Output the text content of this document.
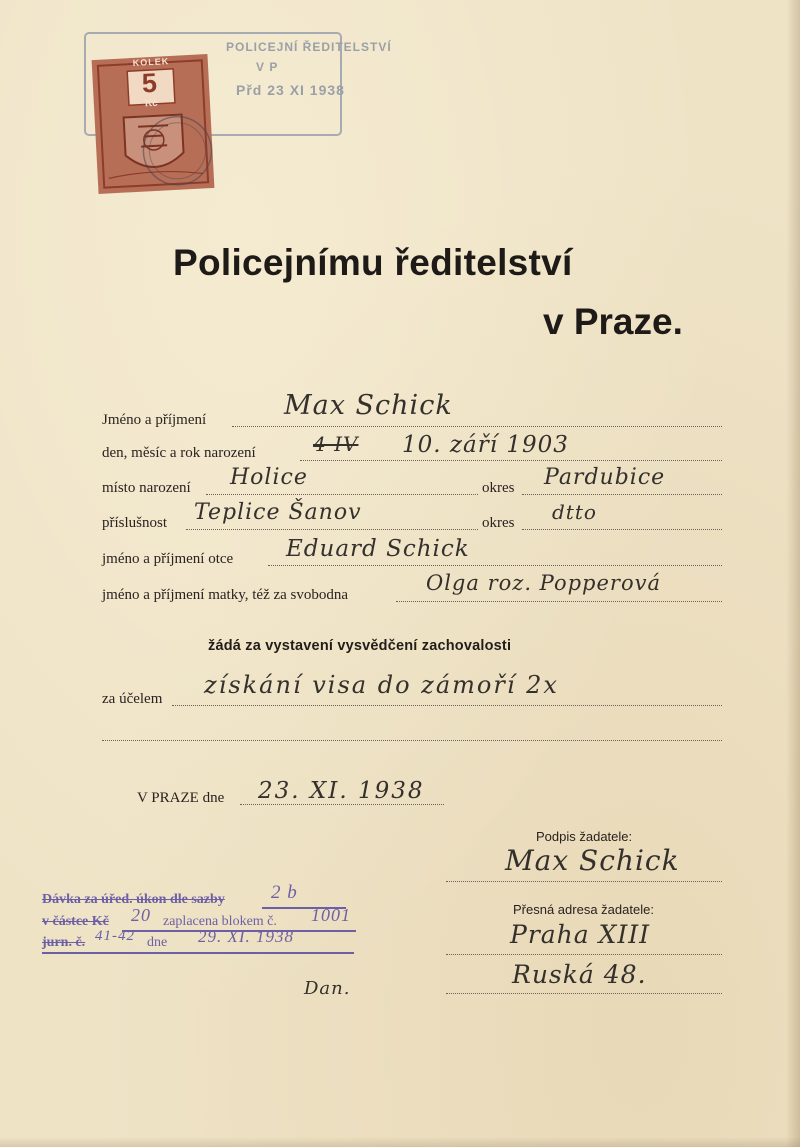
POLICEJNÍ ŘEDITELSTVÍ
V P
Přd 23 XI 1938
KOLEK
5
Kč
Policejnímu ředitelství
v Praze.
Jméno a příjmení	Max Schick
den, měsíc a rok narození	4 IV 10. září 1903
místo narození Holice	okres Pardubice
příslušnost Teplice Šanov	okres dtto
jméno a příjmení otce Eduard Schick
jméno a příjmení matky, též za svobodna	Olga roz. Popperová
žádá za vystavení vysvědčení zachovalosti
za účelem získání visa do zámoří 2x
V PRAZE dne 23. XI. 1938
Podpis žadatele:
Max Schick
Přesná adresa žadatele:
Praha XIII
Ruská 48.
Dávka za úřed. úkon dle sazby 2 b
v částce Kč 20 zaplacena blokem č. 1001
jurn. č. 41-42 dne 29. XI. 1938
Dan.
